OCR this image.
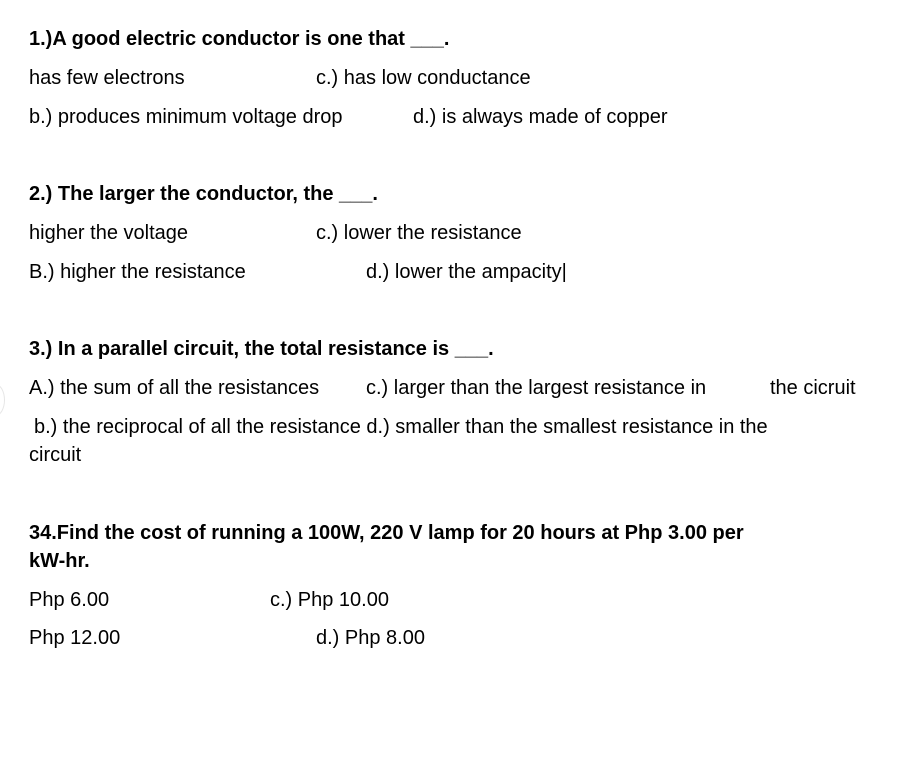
1.)A good electric conductor is one that ___.
has few electrons	c.) has low conductance
b.) produces minimum voltage drop	d.) is always made of copper
2.) The larger the conductor, the ___.
higher the voltage	c.) lower the resistance
B.) higher the resistance	d.) lower the ampacity|
3.) In a parallel circuit, the total resistance is ___.
A.) the sum of all the resistances c.) larger than the largest resistance in	the cicruit
b.) the reciprocal of all the resistance d.) smaller than the smallest resistance in the
circuit
34.Find the cost of running a 100W, 220 V lamp for 20 hours at Php 3.00 per
kW-hr.
Php 6.00	c.) Php 10.00
Php 12.00	d.) Php 8.00
